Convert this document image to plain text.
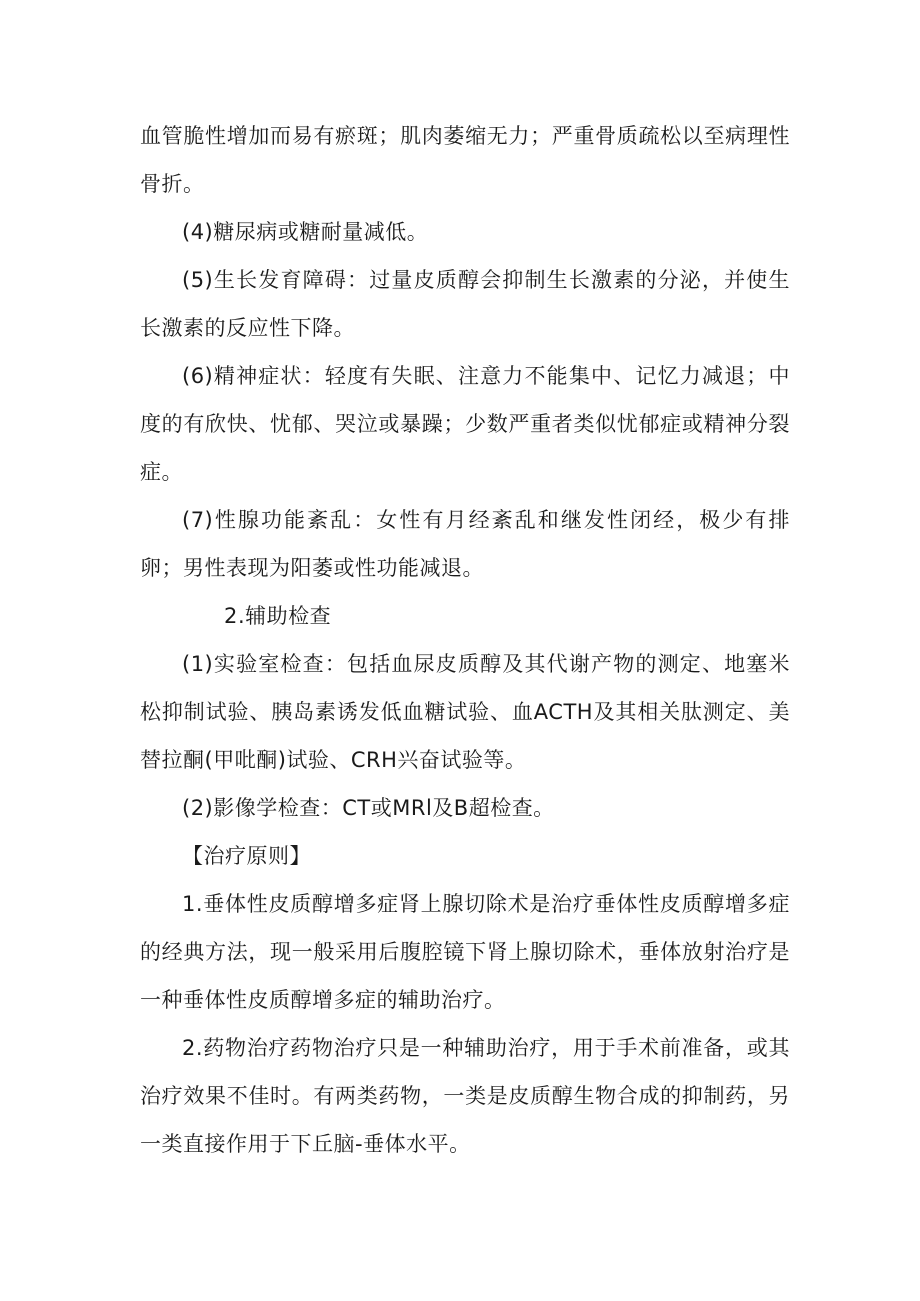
血管脆性增加而易有瘀斑；肌肉萎缩无力；严重骨质疏松以至病理性骨折。

(4)糖尿病或糖耐量减低。

(5)生长发育障碍：过量皮质醇会抑制生长激素的分泌，并使生长激素的反应性下降。

(6)精神症状：轻度有失眠、注意力不能集中、记忆力减退；中度的有欣快、忧郁、哭泣或暴躁；少数严重者类似忧郁症或精神分裂症。

(7)性腺功能紊乱：女性有月经紊乱和继发性闭经，极少有排卵；男性表现为阳萎或性功能减退。

2.辅助检查

(1)实验室检查：包括血尿皮质醇及其代谢产物的测定、地塞米松抑制试验、胰岛素诱发低血糖试验、血ACTH及其相关肽测定、美替拉酮(甲吡酮)试验、CRH兴奋试验等。

(2)影像学检查：CT或MRl及B超检查。

【治疗原则】

1.垂体性皮质醇增多症肾上腺切除术是治疗垂体性皮质醇增多症的经典方法，现一般采用后腹腔镜下肾上腺切除术，垂体放射治疗是一种垂体性皮质醇增多症的辅助治疗。

2.药物治疗药物治疗只是一种辅助治疗，用于手术前准备，或其治疗效果不佳时。有两类药物，一类是皮质醇生物合成的抑制药，另一类直接作用于下丘脑-垂体水平。
